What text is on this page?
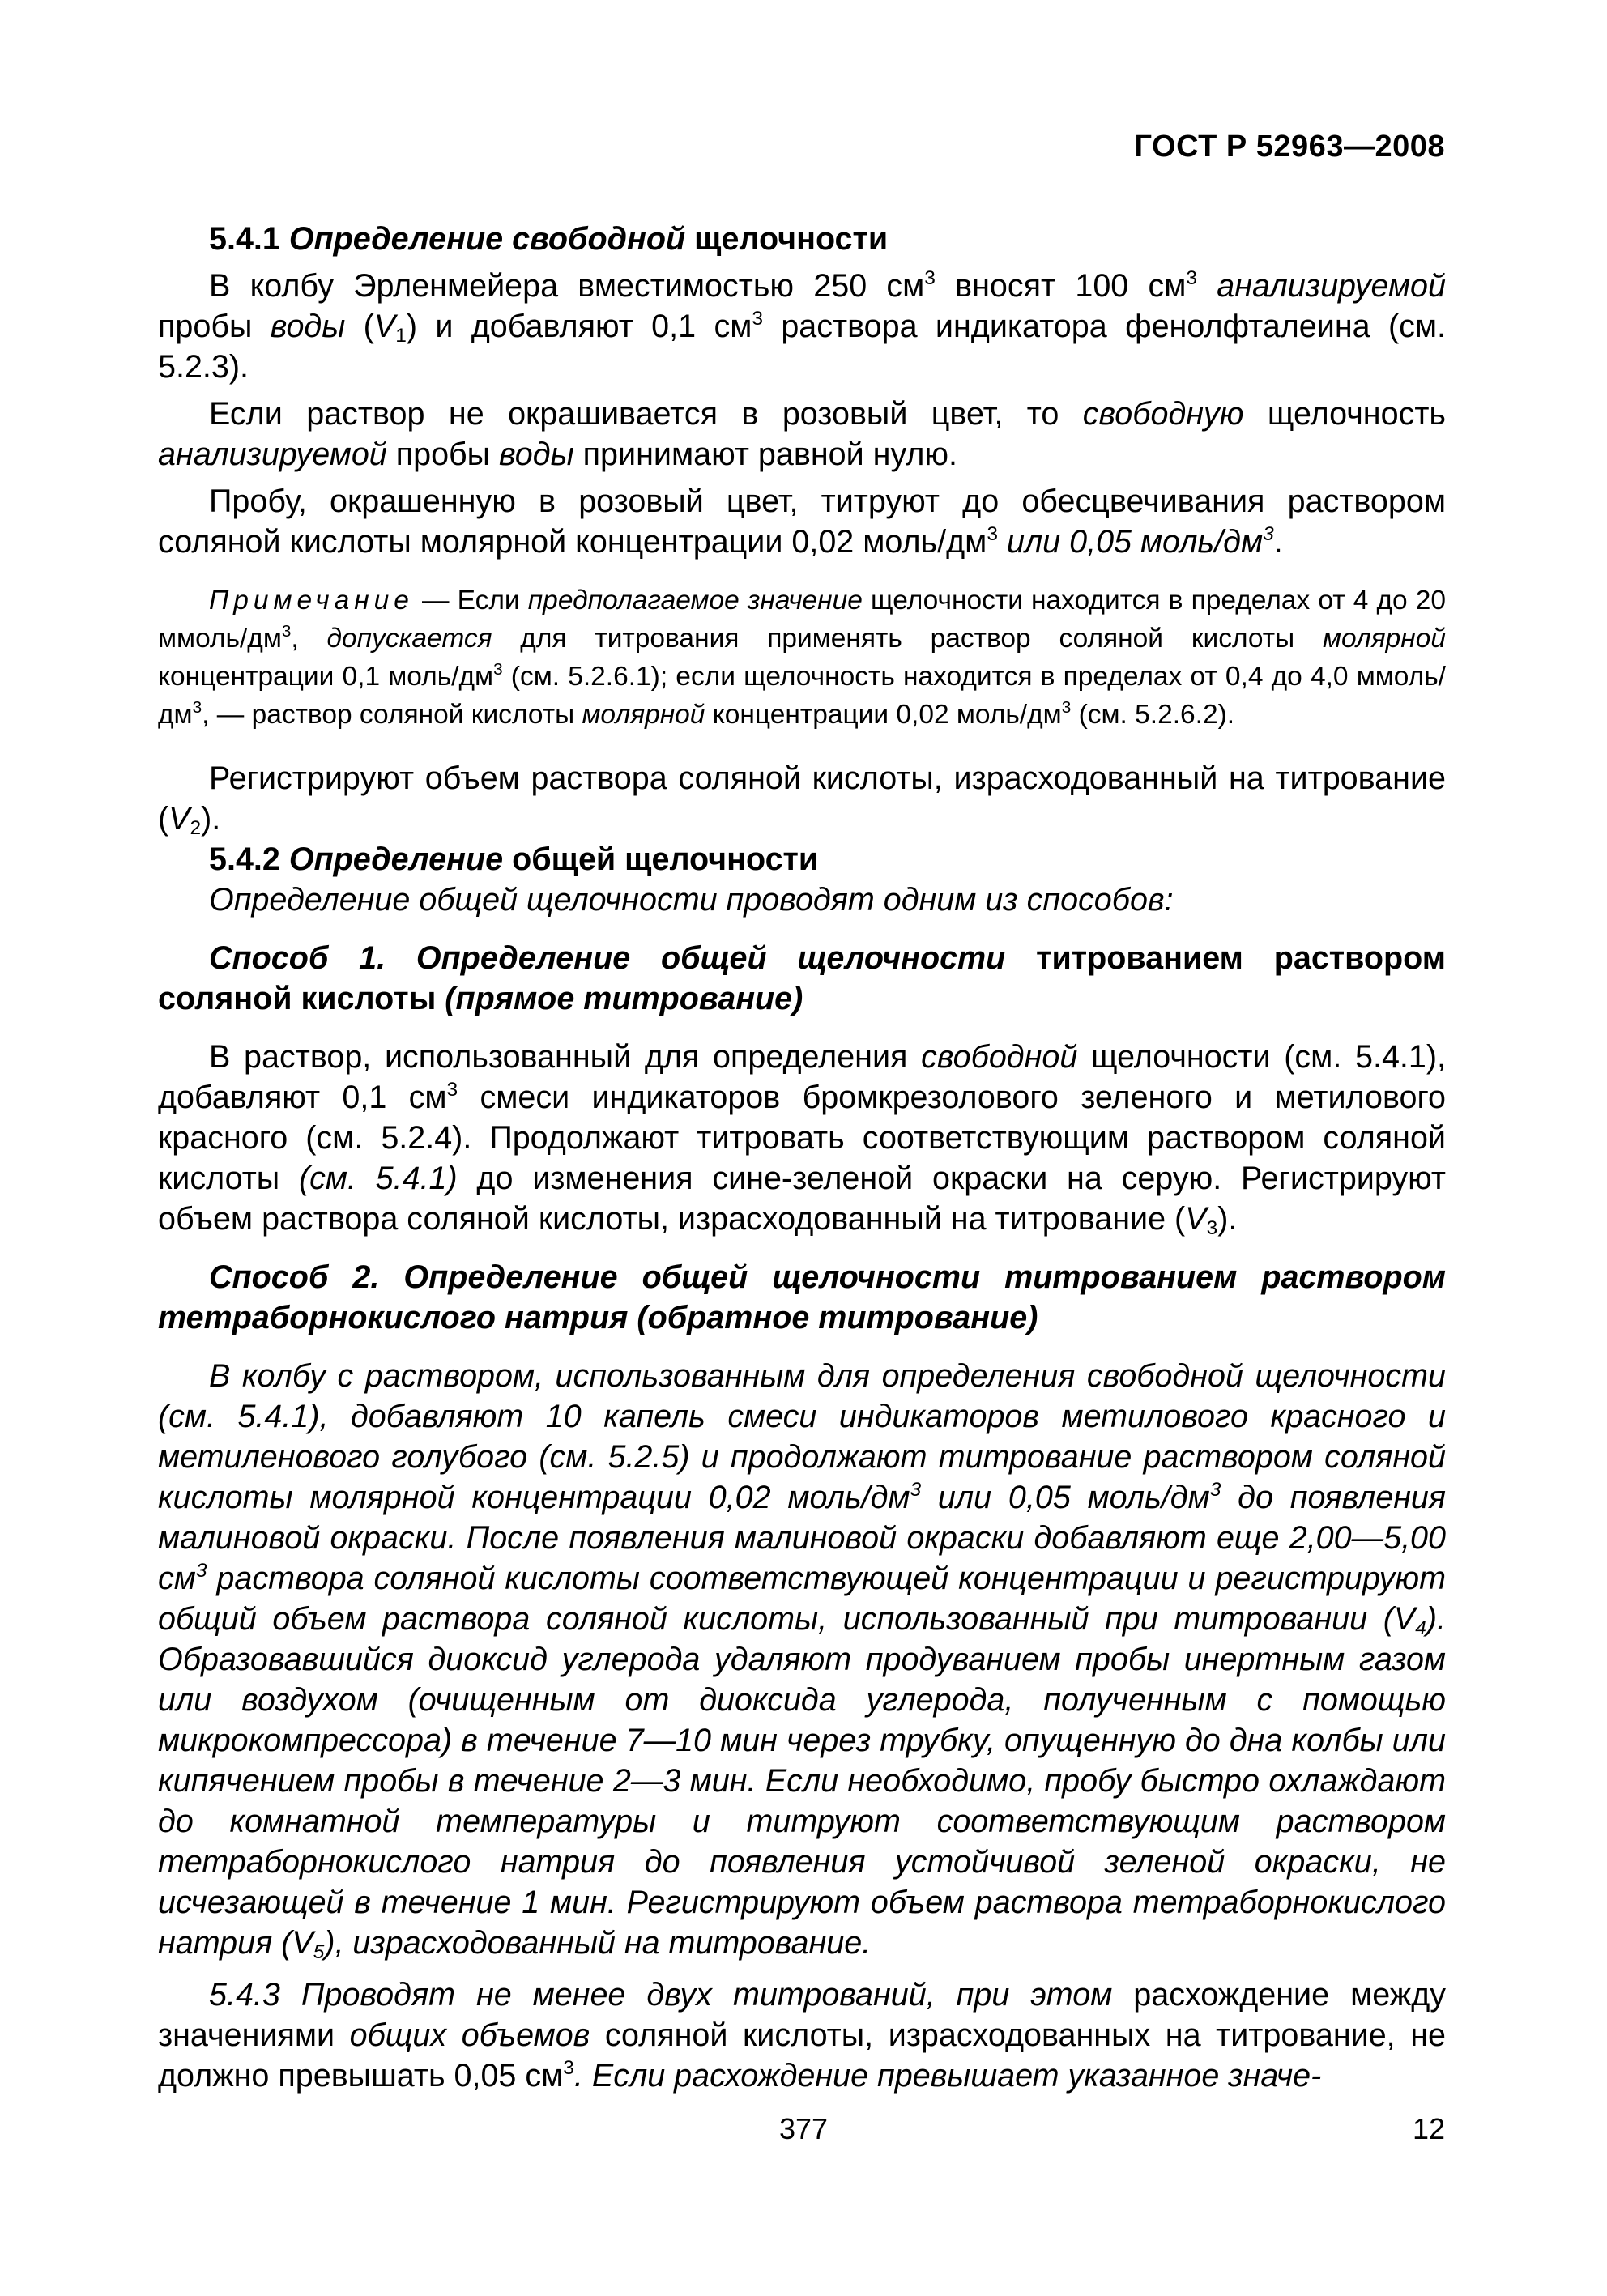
ГОСТ Р 52963—2008

5.4.1 Определение свободной щелочности

В колбу Эрленмейера вместимостью 250 $см^3$ вносят 100 $см^3$ анализируемой пробы воды $(V_1)$ и добавляют 0,1 $см^3$ раствора индикатора фенолфталеина (см. 5.2.3).

Если раствор не окрашивается в розовый цвет, то свободную щелочность анализируемой пробы воды принимают равной нулю.

Пробу, окрашенную в розовый цвет, титруют до обесцвечивания раствором соляной кислоты молярной концентрации 0,02 моль/$дм^3$ или 0,05 моль/$дм^3$.

Примечание — Если предполагаемое значение щелочности находится в пределах от 4 до 20 ммоль/$дм^3$, допускается для титрования применять раствор соляной кислоты молярной концентрации 0,1 моль/$дм^3$ (см. 5.2.6.1); если щелочность находится в пределах от 0,4 до 4,0 ммоль/$дм^3$, — раствор соляной кислоты молярной концентрации 0,02 моль/$дм^3$ (см. 5.2.6.2).

Регистрируют объем раствора соляной кислоты, израсходованный на титрование $(V_2)$.

5.4.2 Определение общей щелочности

Определение общей щелочности проводят одним из способов:

Способ 1. Определение общей щелочности титрованием раствором соляной кислоты (прямое титрование)

В раствор, использованный для определения свободной щелочности (см. 5.4.1), добавляют 0,1 $см^3$ смеси индикаторов бромкрезолового зеленого и метилового красного (см. 5.2.4). Продолжают титровать соответствующим раствором соляной кислоты (см. 5.4.1) до изменения сине-зеленой окраски на серую. Регистрируют объем раствора соляной кислоты, израсходованный на титрование $(V_3)$.

Способ 2. Определение общей щелочности титрованием раствором тетраборнокислого натрия (обратное титрование)

В колбу с раствором, использованным для определения свободной щелочности (см. 5.4.1), добавляют 10 капель смеси индикаторов метилового красного и метиленового голубого (см. 5.2.5) и продолжают титрование раствором соляной кислоты молярной концентрации 0,02 моль/$дм^3$ или 0,05 моль/$дм^3$ до появления малиновой окраски. После появления малиновой окраски добавляют еще 2,00—5,00 $см^3$ раствора соляной кислоты соответствующей концентрации и регистрируют общий объем раствора соляной кислоты, использованный при титровании $(V_4)$. Образовавшийся диоксид углерода удаляют продуванием пробы инертным газом или воздухом (очищенным от диоксида углерода, полученным с помощью микрокомпрессора) в течение 7—10 мин через трубку, опущенную до дна колбы или кипячением пробы в течение 2—3 мин. Если необходимо, пробу быстро охлаждают до комнатной температуры и титруют соответствующим раствором тетраборнокислого натрия до появления устойчивой зеленой окраски, не исчезающей в течение 1 мин. Регистрируют объем раствора тетраборнокислого натрия $(V_5)$, израсходованный на титрование.

5.4.3 Проводят не менее двух титрований, при этом расхождение между значениями общих объемов соляной кислоты, израсходованных на титрование, не должно превышать 0,05 $см^3$. Если расхождение превышает указанное значе-

377	12
